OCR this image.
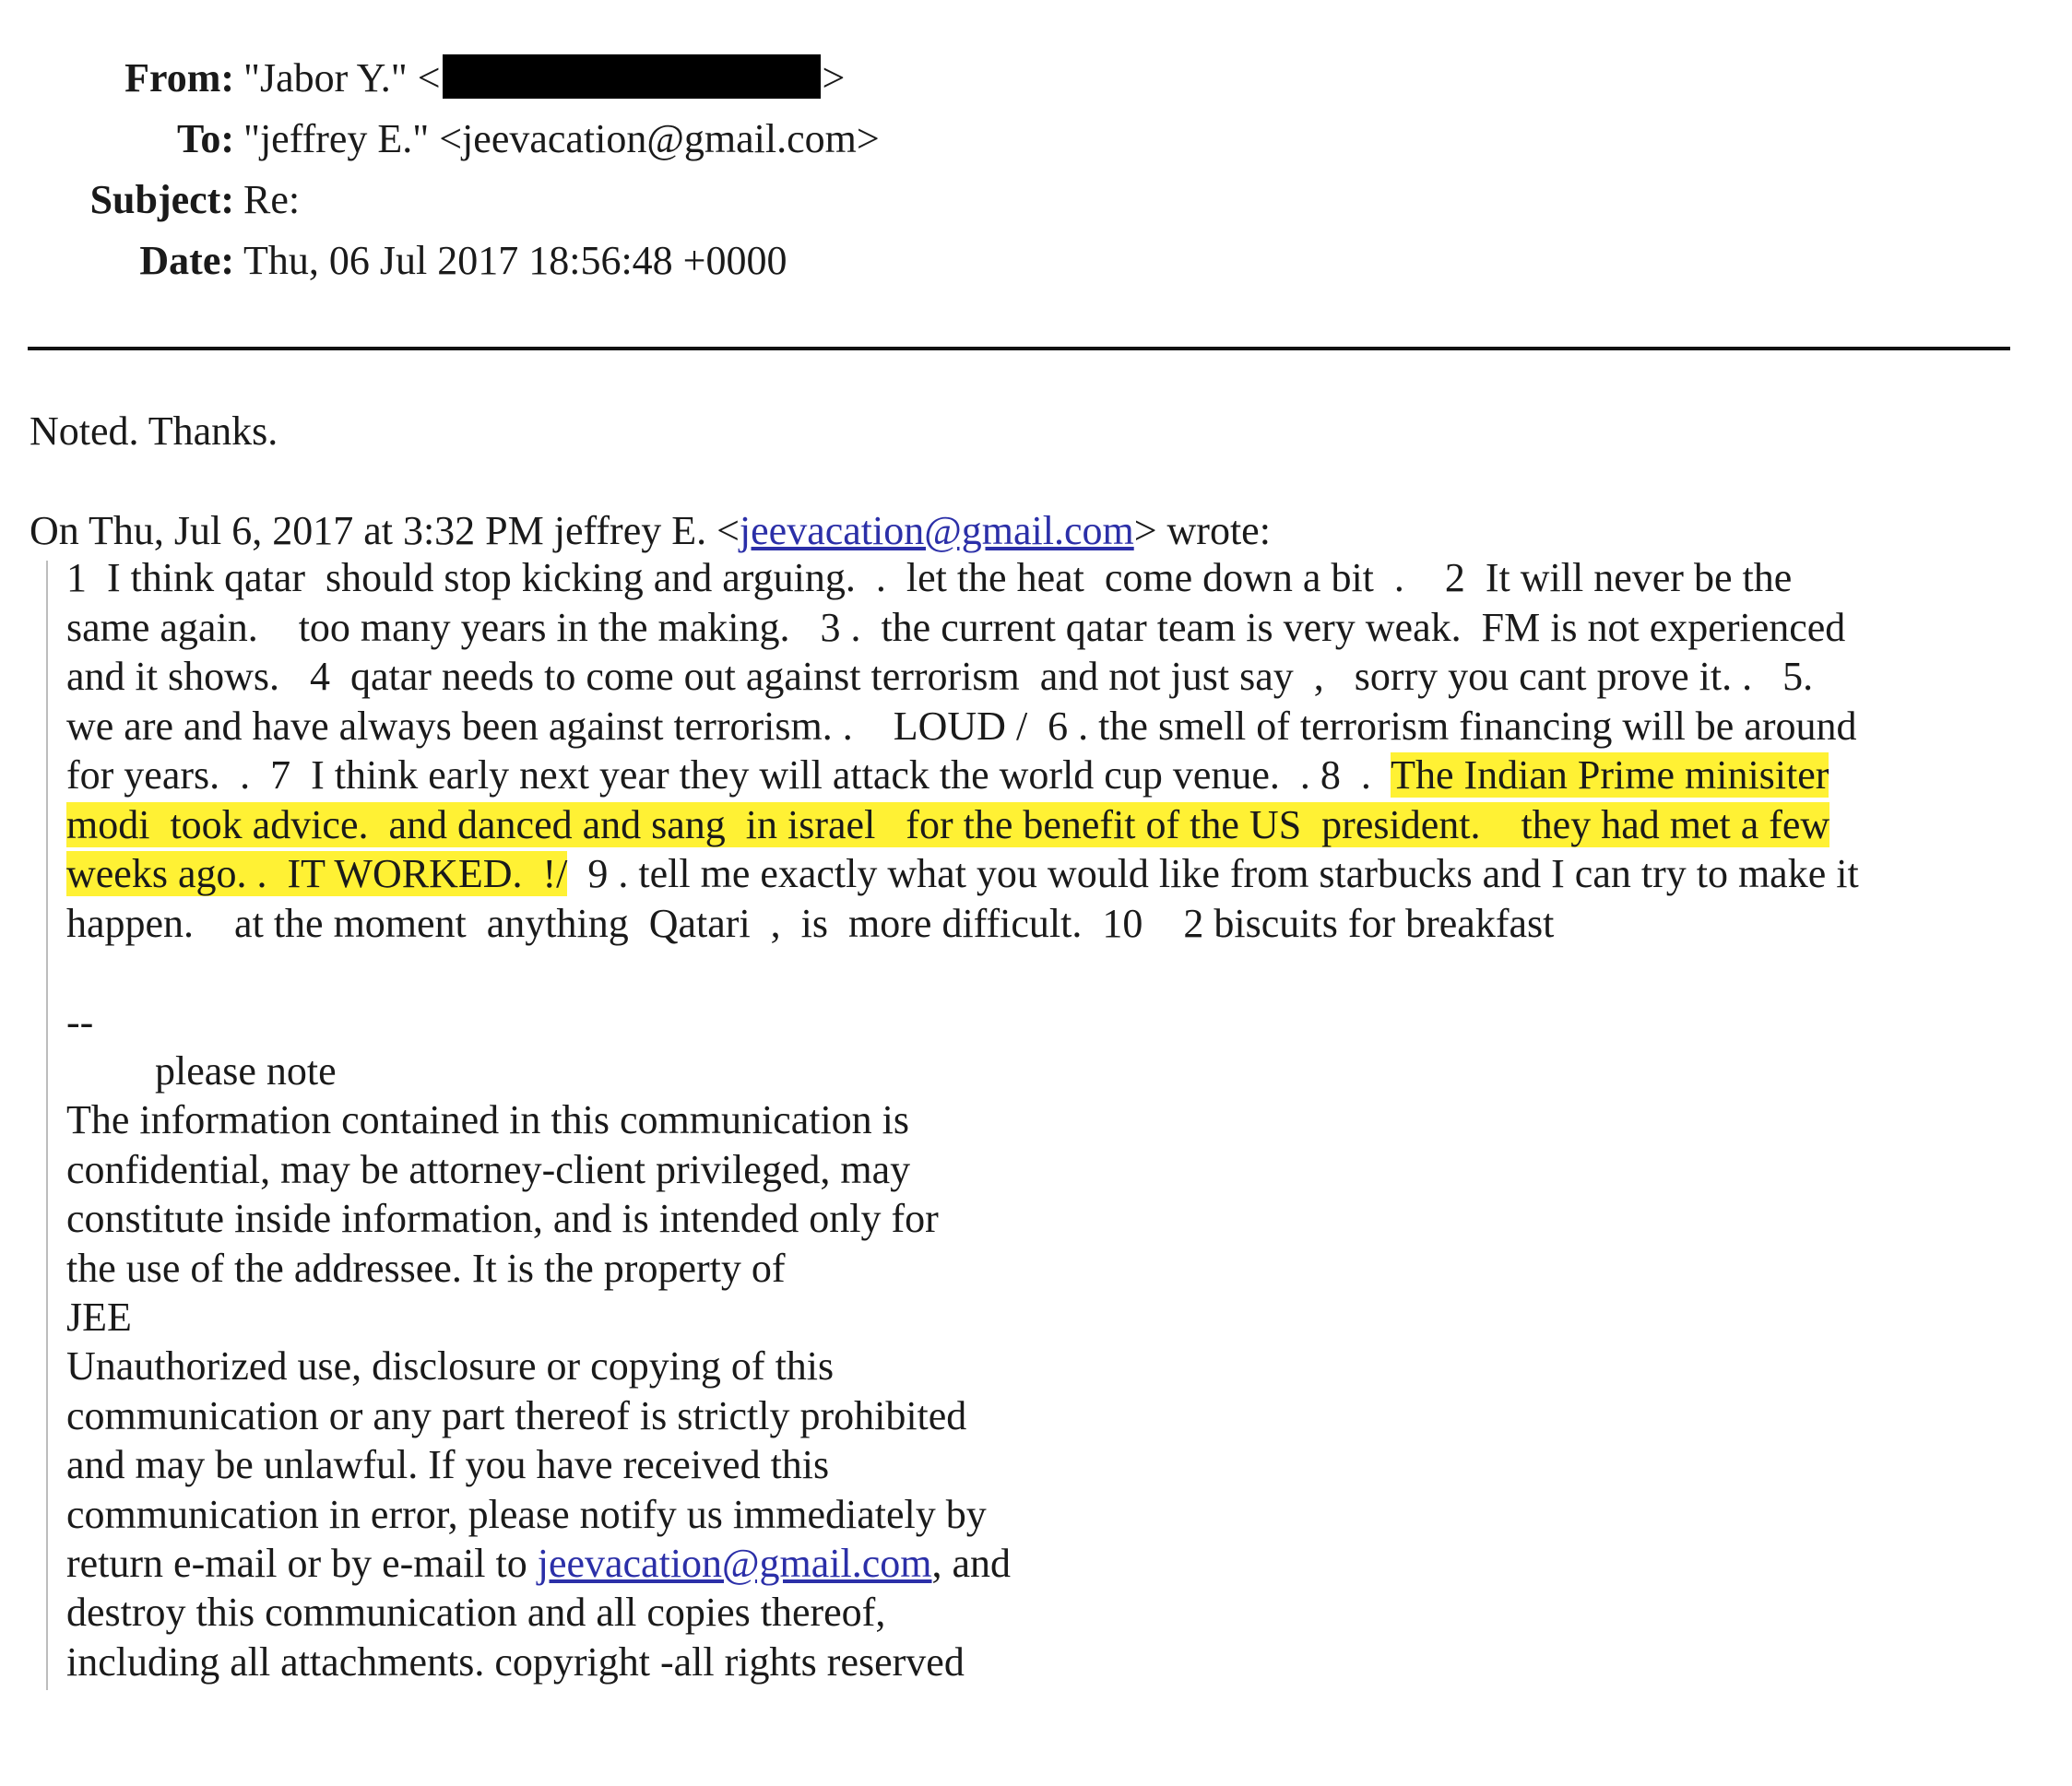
From: "Jabor Y." <	>
To: "jeffrey E." <jeevacation@gmail.com>
Subject: Re:
Date: Thu, 06 Jul 2017 18:56:48 +0000
Noted. Thanks.
On Thu, Jul 6, 2017 at 3:32 PM jeffrey E. <jeevacation@gmail.com> wrote:
1  I think qatar  should stop kicking and arguing.  .  let the heat  come down a bit  .    2  It will never be the
same again.    too many years in the making.   3 .  the current qatar team is very weak.  FM is not experienced
and it shows.   4  qatar needs to come out against terrorism  and not just say  ,   sorry you cant prove it. .   5.
we are and have always been against terrorism. .    LOUD /  6 . the smell of terrorism financing will be around
for years.  .  7  I think early next year they will attack the world cup venue.  . 8  .  The Indian Prime minisiter
modi  took advice.  and danced and sang  in israel   for the benefit of the US  president.    they had met a few
weeks ago. .  IT WORKED.  !/  9 . tell me exactly what you would like from starbucks and I can try to make it
happen.    at the moment  anything  Qatari  ,  is  more difficult.  10    2 biscuits for breakfast
--
please note
The information contained in this communication is
confidential, may be attorney-client privileged, may
constitute inside information, and is intended only for
the use of the addressee. It is the property of
JEE
Unauthorized use, disclosure or copying of this
communication or any part thereof is strictly prohibited
and may be unlawful. If you have received this
communication in error, please notify us immediately by
return e-mail or by e-mail to jeevacation@gmail.com, and
destroy this communication and all copies thereof,
including all attachments. copyright -all rights reserved
